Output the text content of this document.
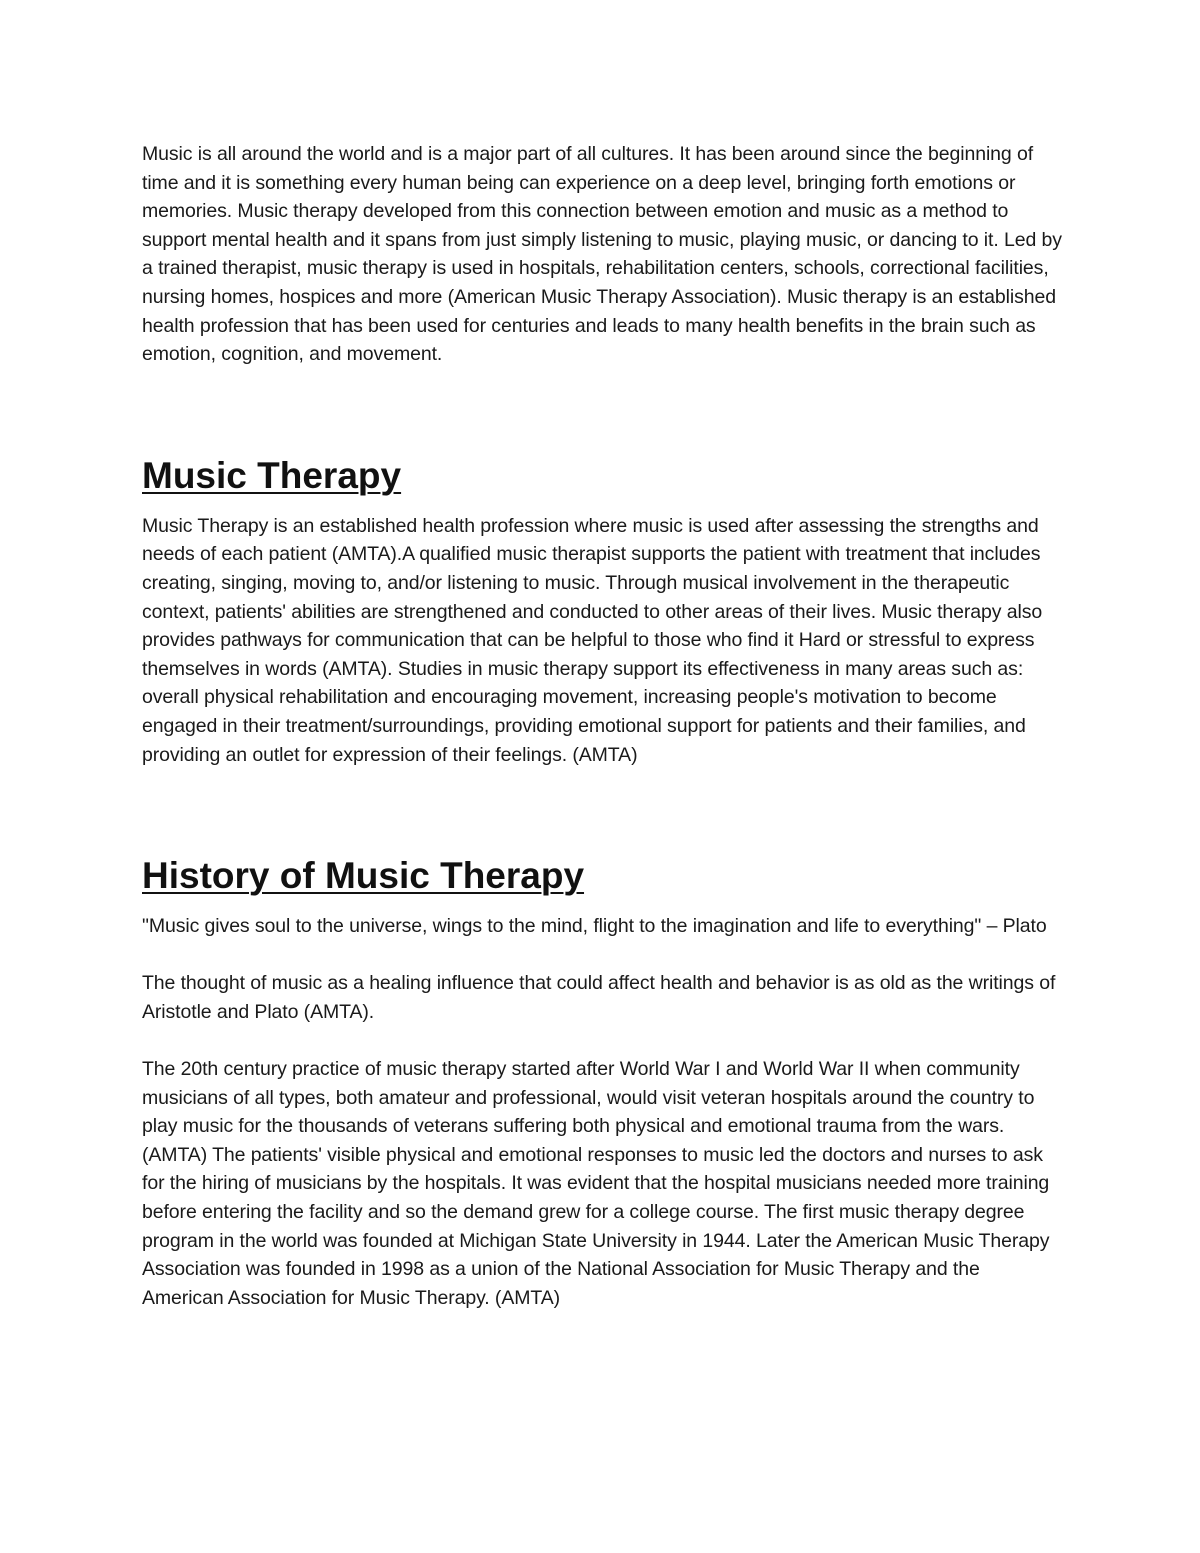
Music is all around the world and is a major part of all cultures. It has been around since the beginning of time and it is something every human being can experience on a deep level, bringing forth emotions or memories. Music therapy developed from this connection between emotion and music as a method to support mental health and it spans from just simply listening to music, playing music, or dancing to it. Led by a trained therapist, music therapy is used in hospitals, rehabilitation centers, schools, correctional facilities, nursing homes, hospices and more (American Music Therapy Association). Music therapy is an established health profession that has been used for centuries and leads to many health benefits in the brain such as emotion, cognition, and movement.

Music Therapy

Music Therapy is an established health profession where music is used after assessing the strengths and needs of each patient (AMTA).A qualified music therapist supports the patient with treatment that includes creating, singing, moving to, and/or listening to music. Through musical involvement in the therapeutic context, patients' abilities are strengthened and conducted to other areas of their lives. Music therapy also provides pathways for communication that can be helpful to those who find it Hard or stressful to express themselves in words (AMTA). Studies in music therapy support its effectiveness in many areas such as: overall physical rehabilitation and encouraging movement, increasing people's motivation to become engaged in their treatment/surroundings, providing emotional support for patients and their families, and providing an outlet for expression of their feelings. (AMTA)

History of Music Therapy

"Music gives soul to the universe, wings to the mind, flight to the imagination and life to everything" – Plato

The thought of music as a healing influence that could affect health and behavior is as old as the writings of Aristotle and Plato (AMTA).

The 20th century practice of music therapy started after World War I and World War II when community musicians of all types, both amateur and professional, would visit veteran hospitals around the country to play music for the thousands of veterans suffering both physical and emotional trauma from the wars. (AMTA) The patients' visible physical and emotional responses to music led the doctors and nurses to ask for the hiring of musicians by the hospitals. It was evident that the hospital musicians needed more training before entering the facility and so the demand grew for a college course. The first music therapy degree program in the world was founded at Michigan State University in 1944. Later the American Music Therapy Association was founded in 1998 as a union of the National Association for Music Therapy and the American Association for Music Therapy. (AMTA)
